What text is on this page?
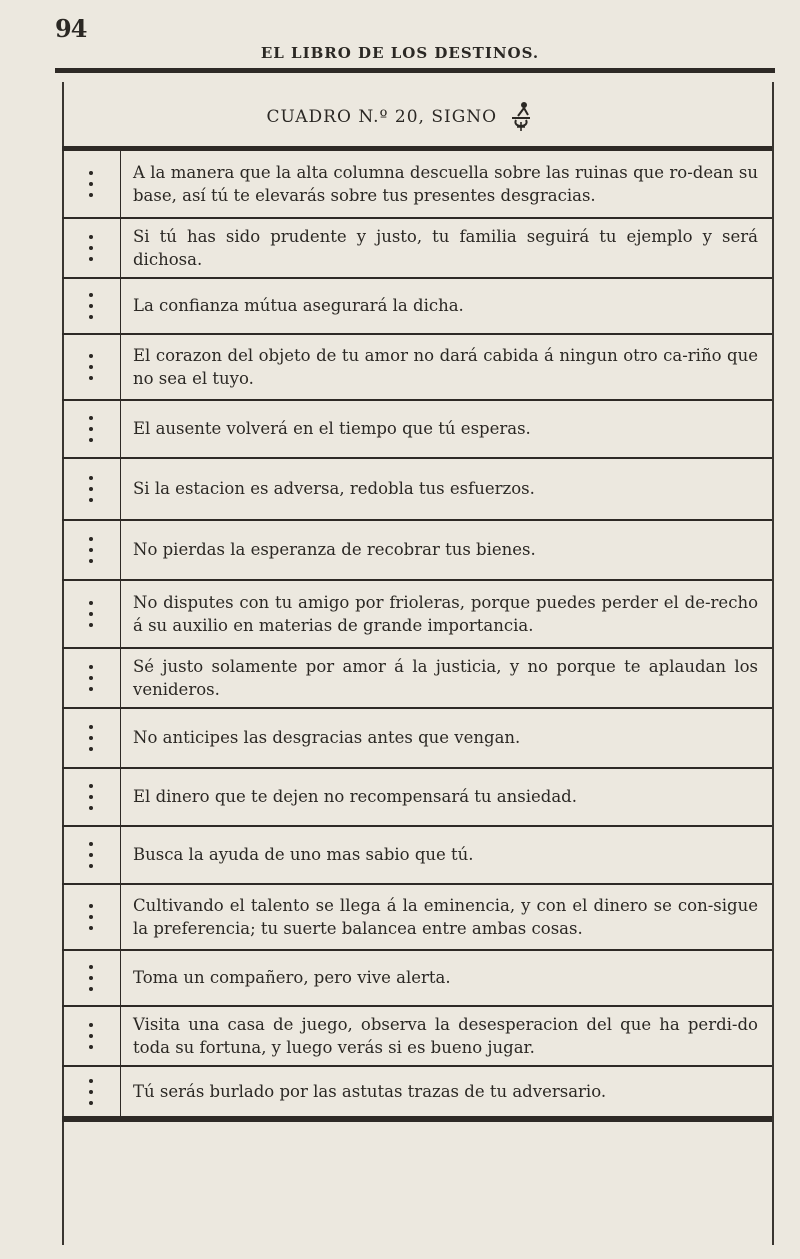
94
EL LIBRO DE LOS DESTINOS.
CUADRO N.º 20, SIGNO
A la manera que la alta columna descuella sobre las ruinas que ro-dean su base, así tú te elevarás sobre tus presentes desgracias.
Si tú has sido prudente y justo, tu familia seguirá tu ejemplo y será dichosa.
La confianza mútua asegurará la dicha.
El corazon del objeto de tu amor no dará cabida á ningun otro ca-riño que no sea el tuyo.
El ausente volverá en el tiempo que tú esperas.
Si la estacion es adversa, redobla tus esfuerzos.
No pierdas la esperanza de recobrar tus bienes.
No disputes con tu amigo por frioleras, porque puedes perder el de-recho á su auxilio en materias de grande importancia.
Sé justo solamente por amor á la justicia, y no porque te aplaudan los venideros.
No anticipes las desgracias antes que vengan.
El dinero que te dejen no recompensará tu ansiedad.
Busca la ayuda de uno mas sabio que tú.
Cultivando el talento se llega á la eminencia, y con el dinero se con-sigue la preferencia; tu suerte balancea entre ambas cosas.
Toma un compañero, pero vive alerta.
Visita una casa de juego, observa la desesperacion del que ha perdi-do toda su fortuna, y luego verás si es bueno jugar.
Tú serás burlado por las astutas trazas de tu adversario.
